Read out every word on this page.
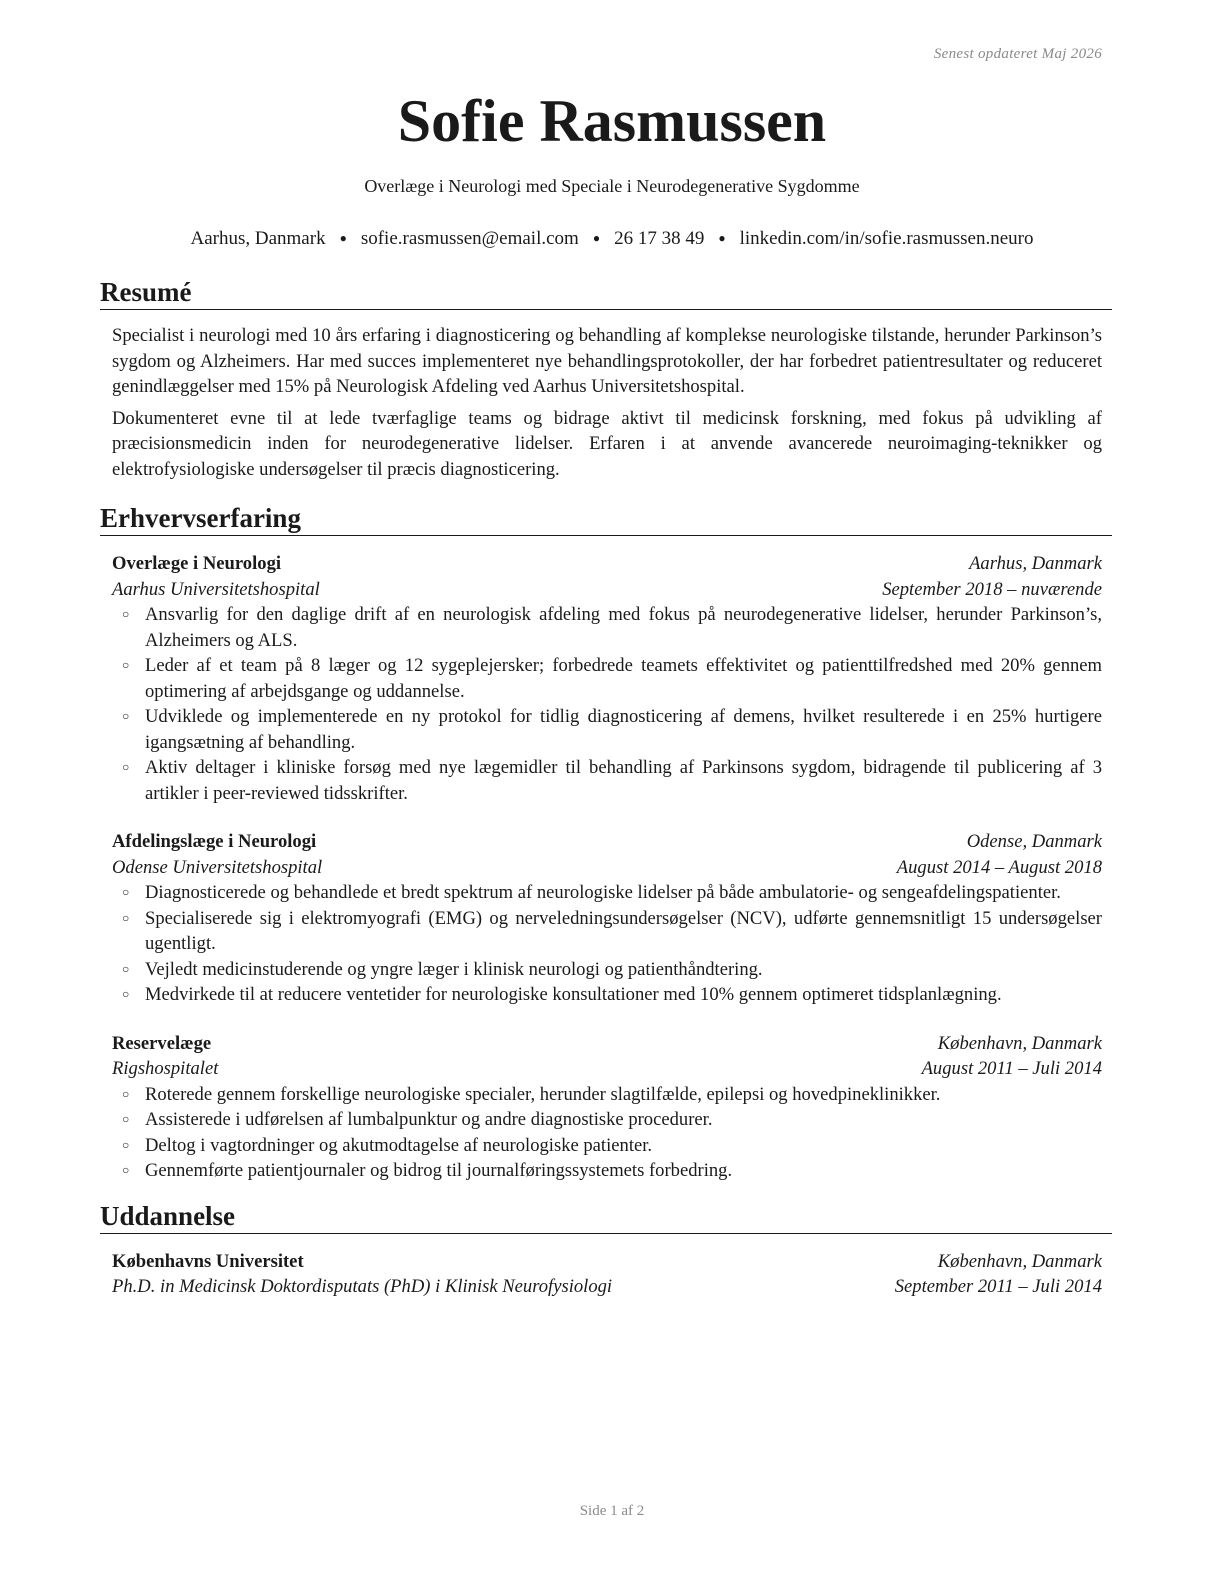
Senest opdateret Maj 2026
Sofie Rasmussen
Overlæge i Neurologi med Speciale i Neurodegenerative Sygdomme
Aarhus, Danmark ● sofie.rasmussen@email.com ● 26 17 38 49 ● linkedin.com/in/sofie.rasmussen.neuro
Resumé

Specialist i neurologi med 10 års erfaring i diagnosticering og behandling af komplekse neurologiske tilstande, herunder Parkinson’s sygdom og Alzheimers. Har med succes implementeret nye behandlingsprotokoller, der har forbedret patientresultater og reduceret genindlæggelser med 15% på Neurologisk Afdeling ved Aarhus Universitetshospital.

Dokumenteret evne til at lede tværfaglige teams og bidrage aktivt til medicinsk forskning, med fokus på udvikling af præcisionsmedicin inden for neurodegenerative lidelser. Erfaren i at anvende avancerede neuroimaging-teknikker og elektrofysiologiske undersøgelser til præcis diagnosticering.

Erhvervserfaring
Overlæge i Neurologi	Aarhus, Danmark
Aarhus Universitetshospital	September 2018 – nuværende
○ Ansvarlig for den daglige drift af en neurologisk afdeling med fokus på neurodegenerative lidelser, herunder Parkinson’s, Alzheimers og ALS.
○ Leder af et team på 8 læger og 12 sygeplejersker; forbedrede teamets effektivitet og patienttilfredshed med 20% gennem optimering af arbejdsgange og uddannelse.
○ Udviklede og implementerede en ny protokol for tidlig diagnosticering af demens, hvilket resulterede i en 25% hurtigere igangsætning af behandling.
○ Aktiv deltager i kliniske forsøg med nye lægemidler til behandling af Parkinsons sygdom, bidragende til publicering af 3 artikler i peer-reviewed tidsskrifter.
Afdelingslæge i Neurologi	Odense, Danmark
Odense Universitetshospital	August 2014 – August 2018
○ Diagnosticerede og behandlede et bredt spektrum af neurologiske lidelser på både ambulatorie- og sengeafdelingspatienter.
○ Specialiserede sig i elektromyografi (EMG) og nerveledningsundersøgelser (NCV), udførte gennemsnitligt 15 undersøgelser ugentligt.
○ Vejledt medicinstuderende og yngre læger i klinisk neurologi og patienthåndtering.
○ Medvirkede til at reducere ventetider for neurologiske konsultationer med 10% gennem optimeret tidsplanlægning.
Reservelæge	København, Danmark
Rigshospitalet	August 2011 – Juli 2014
○ Roterede gennem forskellige neurologiske specialer, herunder slagtilfælde, epilepsi og hovedpineklinikker.
○ Assisterede i udførelsen af lumbalpunktur og andre diagnostiske procedurer.
○ Deltog i vagtordninger og akutmodtagelse af neurologiske patienter.
○ Gennemførte patientjournaler og bidrog til journalføringssystemets forbedring.
Uddannelse
Københavns Universitet	København, Danmark
Ph.D. in Medicinsk Doktordisputats (PhD) i Klinisk Neurofysiologi	September 2011 – Juli 2014
Side 1 af 2
